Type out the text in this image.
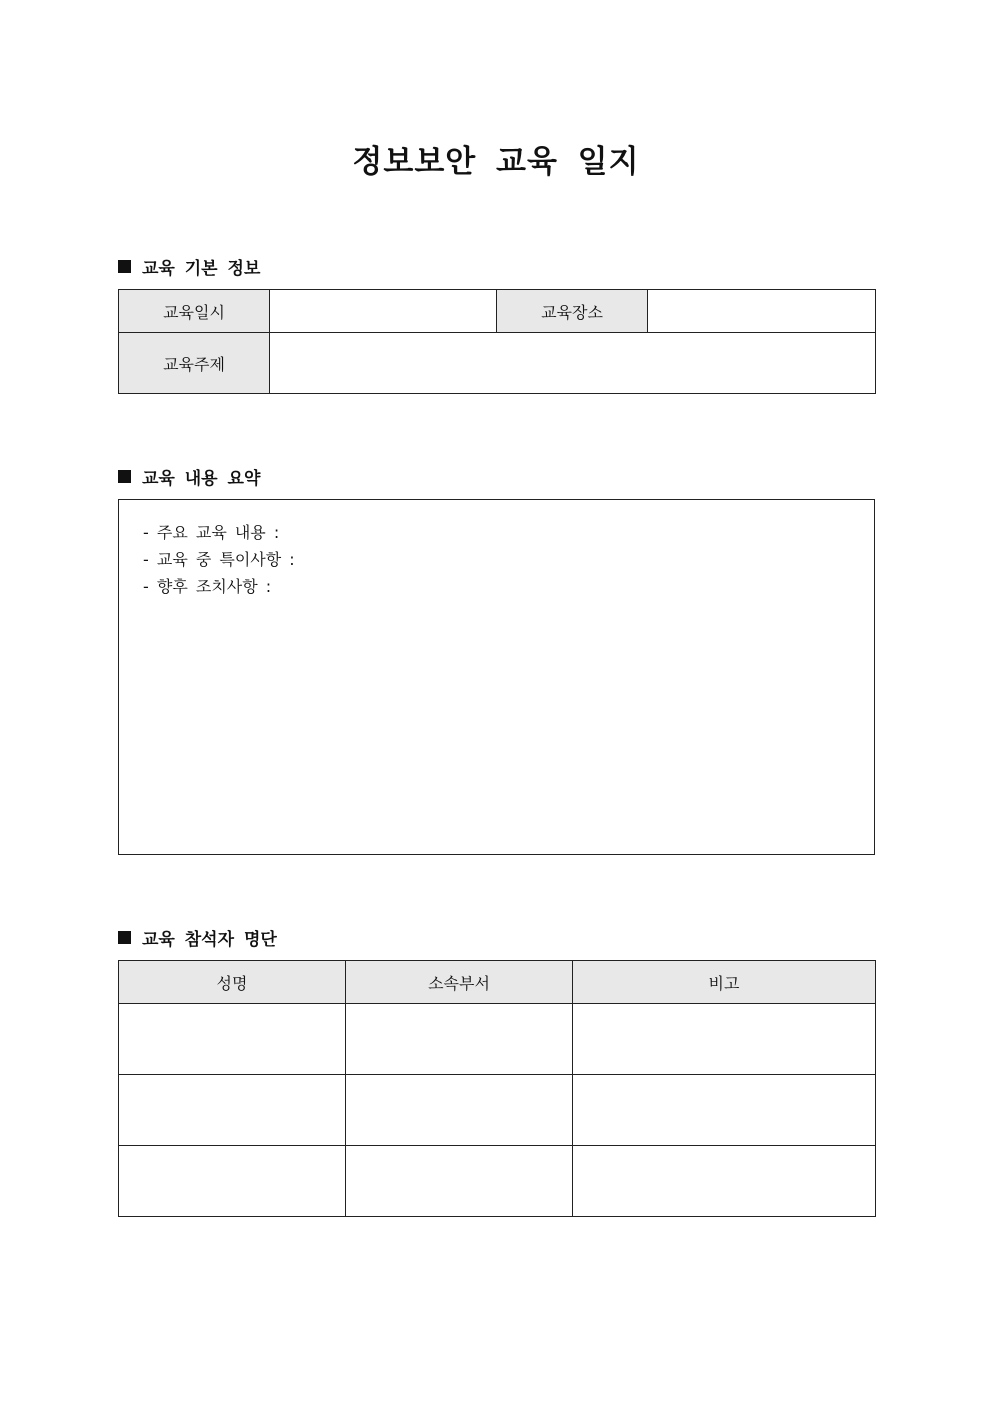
정보보안 교육 일지
교육 기본 정보
교육일시		교육장소	
교육주제			
교육 내용 요약
- 주요 교육 내용 :
- 교육 중 특이사항 :
- 향후 조치사항 :
교육 참석자 명단
성명	소속부서	비고
